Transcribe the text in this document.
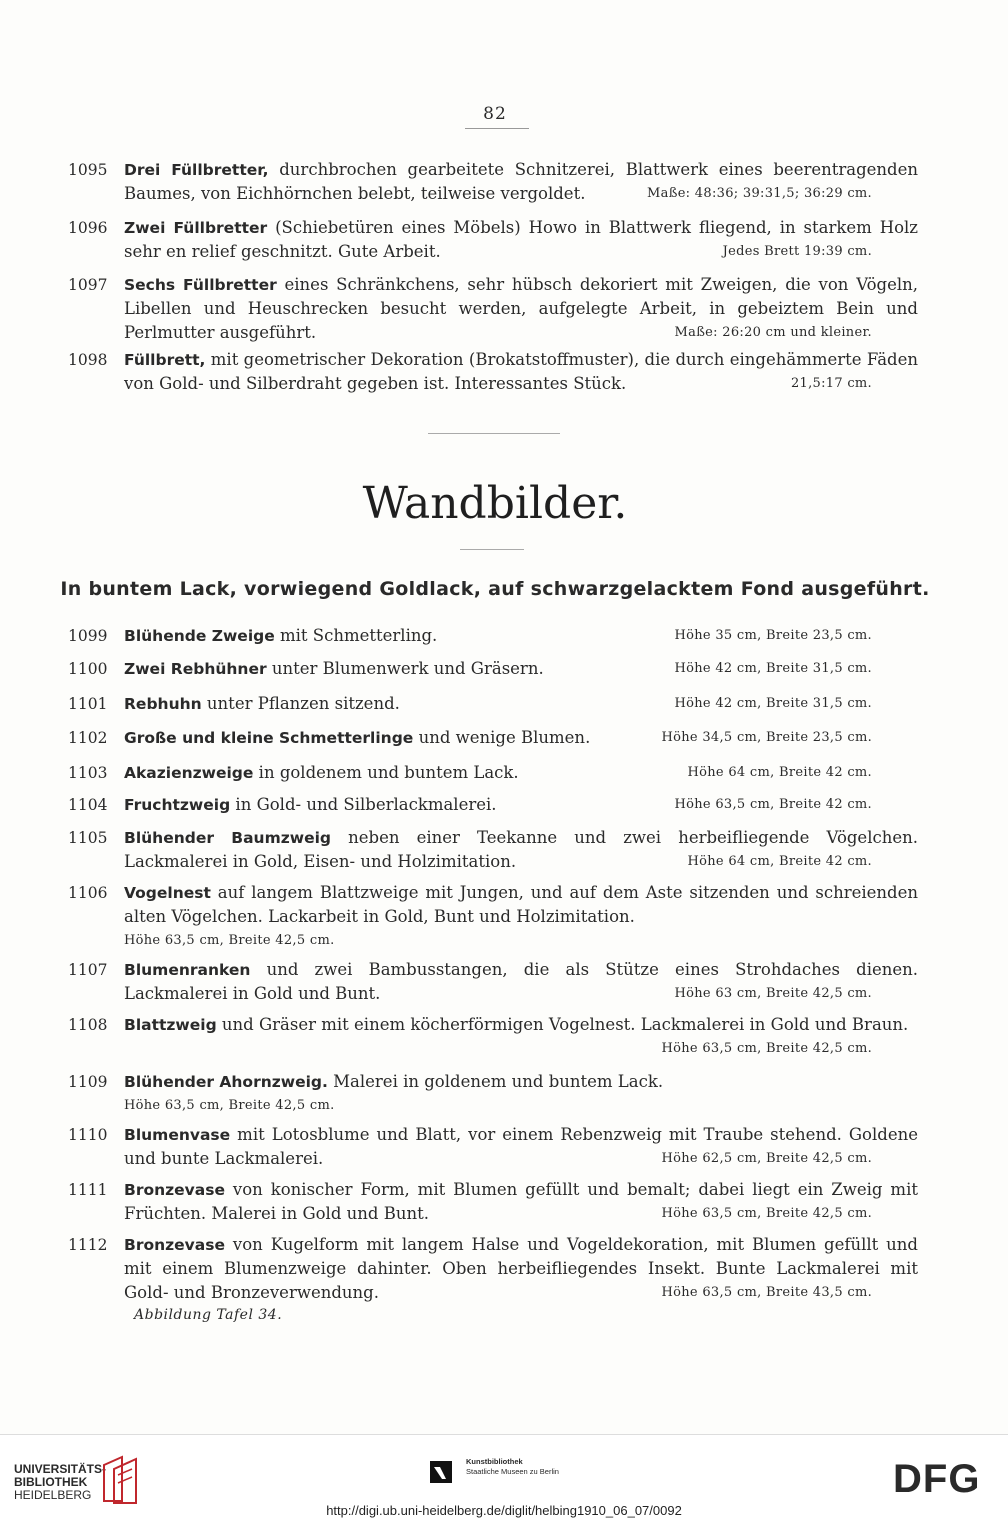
82
1095	Drei Füllbretter, durchbrochen gearbeitete Schnitzerei, Blattwerk eines beerentragenden Baumes, von Eichhörnchen belebt, teilweise vergoldet.	Maße: 48:36; 39:31,5; 36:29 cm.
1096	Zwei Füllbretter (Schiebetüren eines Möbels) Howo in Blattwerk fliegend, in starkem Holz sehr en relief geschnitzt. Gute Arbeit.	Jedes Brett 19:39 cm.
1097	Sechs Füllbretter eines Schränkchens, sehr hübsch dekoriert mit Zweigen, die von Vögeln, Libellen und Heuschrecken besucht werden, aufgelegte Arbeit, in gebeiztem Bein und Perlmutter ausgeführt.	Maße: 26:20 cm und kleiner.
1098	Füllbrett, mit geometrischer Dekoration (Brokatstoffmuster), die durch eingehämmerte Fäden von Gold- und Silberdraht gegeben ist. Interessantes Stück.	21,5:17 cm.
Wandbilder.
In buntem Lack, vorwiegend Goldlack, auf schwarzgelacktem Fond ausgeführt.
1099	Blühende Zweige mit Schmetterling.	Höhe 35 cm, Breite 23,5 cm.
1100	Zwei Rebhühner unter Blumenwerk und Gräsern.	Höhe 42 cm, Breite 31,5 cm.
1101	Rebhuhn unter Pflanzen sitzend.	Höhe 42 cm, Breite 31,5 cm.
1102	Große und kleine Schmetterlinge und wenige Blumen.	Höhe 34,5 cm, Breite 23,5 cm.
1103	Akazienzweige in goldenem und buntem Lack.	Höhe 64 cm, Breite 42 cm.
1104	Fruchtzweig in Gold- und Silberlackmalerei.	Höhe 63,5 cm, Breite 42 cm.
1105	Blühender Baumzweig neben einer Teekanne und zwei herbeifliegende Vögelchen. Lackmalerei in Gold, Eisen- und Holzimitation.	Höhe 64 cm, Breite 42 cm.
1106	Vogelnest auf langem Blattzweige mit Jungen, und auf dem Aste sitzenden und schreienden alten Vögelchen. Lackarbeit in Gold, Bunt und Holzimitation.
Höhe 63,5 cm, Breite 42,5 cm.
1107	Blumenranken und zwei Bambusstangen, die als Stütze eines Strohdaches dienen. Lackmalerei in Gold und Bunt.	Höhe 63 cm, Breite 42,5 cm.
1108	Blattzweig und Gräser mit einem köcherförmigen Vogelnest. Lackmalerei in Gold und Braun.
Höhe 63,5 cm, Breite 42,5 cm.
1109	Blühender Ahornzweig. Malerei in goldenem und buntem Lack.
Höhe 63,5 cm, Breite 42,5 cm.
1110	Blumenvase mit Lotosblume und Blatt, vor einem Rebenzweig mit Traube stehend. Goldene und bunte Lackmalerei.	Höhe 62,5 cm, Breite 42,5 cm.
1111	Bronzevase von konischer Form, mit Blumen gefüllt und bemalt; dabei liegt ein Zweig mit Früchten. Malerei in Gold und Bunt.	Höhe 63,5 cm, Breite 42,5 cm.
1112	Bronzevase von Kugelform mit langem Halse und Vogeldekoration, mit Blumen gefüllt und mit einem Blumenzweige dahinter. Oben herbeifliegendes Insekt. Bunte Lackmalerei mit Gold- und Bronzeverwendung.	Höhe 63,5 cm, Breite 43,5 cm.
Abbildung Tafel 34.
UNIVERSITÄTS-
BIBLIOTHEK
HEIDELBERG
Kunstbibliothek
Staatliche Museen zu Berlin	DFG
http://digi.ub.uni-heidelberg.de/diglit/helbing1910_06_07/0092
